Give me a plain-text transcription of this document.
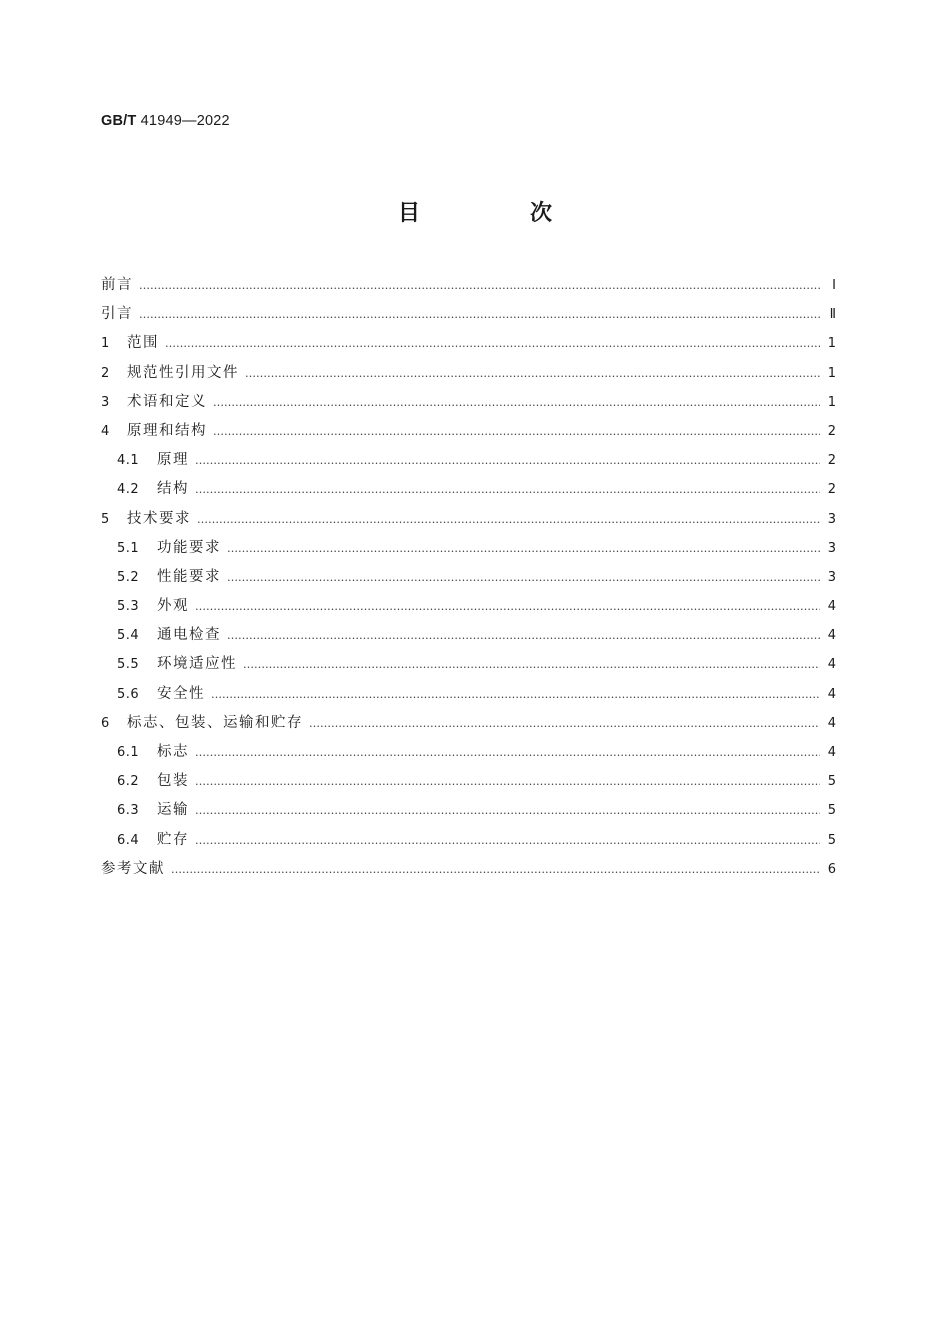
GB/T 41949—2022
目　次
前言 …………………………………………………………………………………………………………………………………………………………………………………………………………………………………………………	Ⅰ
引言 …………………………………………………………………………………………………………………………………………………………………………………………………………………………………………………	Ⅱ
1	范围 …………………………………………………………………………………………………………………………………………………………………………………………………………………………………………………	1
2	规范性引用文件 …………………………………………………………………………………………………………………………………………………………………………………………………………………………………………………	1
3	术语和定义 …………………………………………………………………………………………………………………………………………………………………………………………………………………………………………………	1
4	原理和结构 …………………………………………………………………………………………………………………………………………………………………………………………………………………………………………………	2
4.1	原理 …………………………………………………………………………………………………………………………………………………………………………………………………………………………………………………	2
4.2	结构 …………………………………………………………………………………………………………………………………………………………………………………………………………………………………………………	2
5	技术要求 …………………………………………………………………………………………………………………………………………………………………………………………………………………………………………………	3
5.1	功能要求 …………………………………………………………………………………………………………………………………………………………………………………………………………………………………………………	3
5.2	性能要求 …………………………………………………………………………………………………………………………………………………………………………………………………………………………………………………	3
5.3	外观 …………………………………………………………………………………………………………………………………………………………………………………………………………………………………………………	4
5.4	通电检查 …………………………………………………………………………………………………………………………………………………………………………………………………………………………………………………	4
5.5	环境适应性 …………………………………………………………………………………………………………………………………………………………………………………………………………………………………………………	4
5.6	安全性 …………………………………………………………………………………………………………………………………………………………………………………………………………………………………………………	4
6	标志、包装、运输和贮存 …………………………………………………………………………………………………………………………………………………………………………………………………………………………………………………	4
6.1	标志 …………………………………………………………………………………………………………………………………………………………………………………………………………………………………………………	4
6.2	包装 …………………………………………………………………………………………………………………………………………………………………………………………………………………………………………………	5
6.3	运输 …………………………………………………………………………………………………………………………………………………………………………………………………………………………………………………	5
6.4	贮存 …………………………………………………………………………………………………………………………………………………………………………………………………………………………………………………	5
参考文献 …………………………………………………………………………………………………………………………………………………………………………………………………………………………………………………	6
